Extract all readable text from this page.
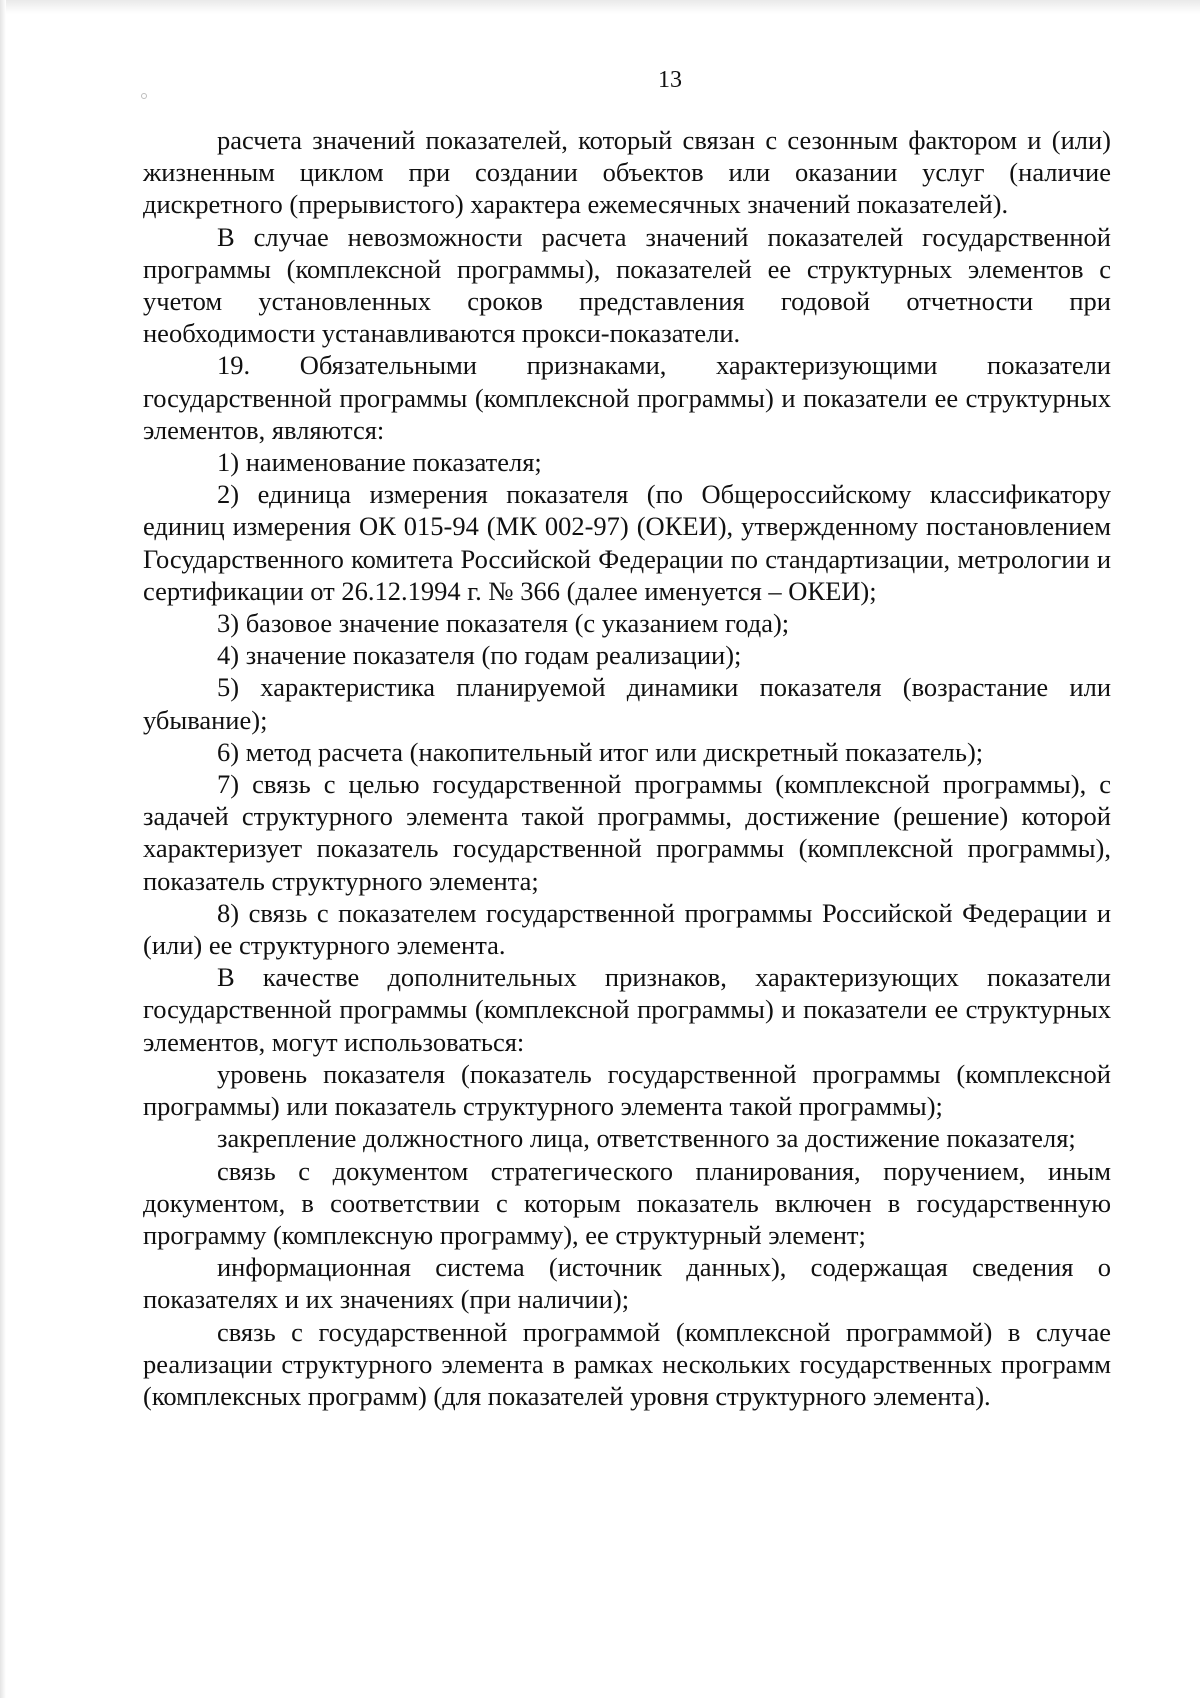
13

расчета значений показателей, который связан с сезонным фактором и (или) жизненным циклом при создании объектов или оказании услуг (наличие дискретного (прерывистого) характера ежемесячных значений показателей).

В случае невозможности расчета значений показателей государственной программы (комплексной программы), показателей ее структурных элементов с учетом установленных сроков представления годовой отчетности при необходимости устанавливаются прокси-показатели.

19. Обязательными признаками, характеризующими показатели государственной программы (комплексной программы) и показатели ее структурных элементов, являются:

1) наименование показателя;

2) единица измерения показателя (по Общероссийскому классификатору единиц измерения ОК 015-94 (МК 002-97) (ОКЕИ), утвержденному постановлением Государственного комитета Российской Федерации по стандартизации, метрологии и сертификации от 26.12.1994 г. № 366 (далее именуется – ОКЕИ);

3) базовое значение показателя (с указанием года);

4) значение показателя (по годам реализации);

5) характеристика планируемой динамики показателя (возрастание или убывание);

6) метод расчета (накопительный итог или дискретный показатель);

7) связь с целью государственной программы (комплексной программы), с задачей структурного элемента такой программы, достижение (решение) которой характеризует показатель государственной программы (комплексной программы), показатель структурного элемента;

8) связь с показателем государственной программы Российской Федерации и (или) ее структурного элемента.

В качестве дополнительных признаков, характеризующих показатели государственной программы (комплексной программы) и показатели ее структурных элементов, могут использоваться:

уровень показателя (показатель государственной программы (комплексной программы) или показатель структурного элемента такой программы);

закрепление должностного лица, ответственного за достижение показателя;

связь с документом стратегического планирования, поручением, иным документом, в соответствии с которым показатель включен в государственную программу (комплексную программу), ее структурный элемент;

информационная система (источник данных), содержащая сведения о показателях и их значениях (при наличии);

связь с государственной программой (комплексной программой) в случае реализации структурного элемента в рамках нескольких государственных программ (комплексных программ) (для показателей уровня структурного элемента).
